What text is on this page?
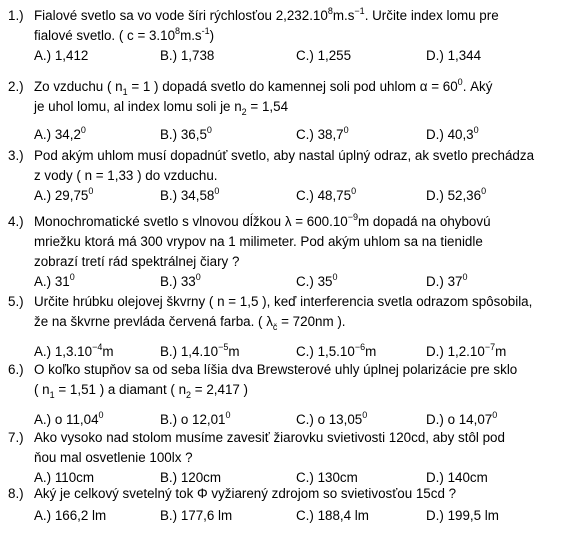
1.) Fialové svetlo sa vo vode šíri rýchlosťou $2,232.10^8m.s^{-1}$. Určite index lomu pre
fialové svetlo. ( $c = 3.10^8m.s^{-1}$)
A.) 1,412	B.) 1,738	C.) 1,255	D.) 1,344
2.) Zo vzduchu ( $n_1 = 1$ ) dopadá svetlo do kamennej soli pod uhlom $\alpha = 60^0$. Aký
je uhol lomu, al index lomu soli je $n_2 = 1,54$
A.) 34,2$^0$	B.) 36,5$^0$	C.) 38,7$^0$	D.) 40,3$^0$
3.) Pod akým uhlom musí dopadnúť svetlo, aby nastal úplný odraz, ak svetlo prechádza
z vody ( n = 1,33 ) do vzduchu.
A.) 29,75$^0$	B.) 34,58$^0$	C.) 48,75$^0$	D.) 52,36$^0$
4.) Monochromatické svetlo s vlnovou dĺžkou $\lambda = 600.10^{-9}m$ dopadá na ohybovú
mriežku ktorá má 300 vrypov na 1 milimeter. Pod akým uhlom sa na tienidle
zobrazí tretí rád spektrálnej čiary ?
A.) $31^0$	B.) $33^0$	C.) $35^0$	D.) $37^0$
5.) Určite hrúbku olejovej škvrny ( n = 1,5 ), keď interferencia svetla odrazom spôsobila,
že na škvrne prevláda červená farba. ( $\lambda_č = 720nm$ ).
A.) $1,3.10^{-4}m$	B.) $1,4.10^{-5}m$	C.) $1,5.10^{-6}m$	D.) $1,2.10^{-7}m$
6.) O koľko stupňov sa od seba líšia dva Brewsterové uhly úplnej polarizácie pre sklo
( $n_1 = 1,51$ ) a diamant ( $n_2 = 2,417$ )
A.) o 11,04$^0$	B.) o 12,01$^0$	C.) o 13,05$^0$	D.) o 14,07$^0$
7.) Ako vysoko nad stolom musíme zavesiť žiarovku svietivosti 120cd, aby stôl pod
ňou mal osvetlenie 100lx ?
A.) 110cm	B.) 120cm	C.) 130cm	D.) 140cm
8.) Aký je celkový svetelný tok Φ vyžiarený zdrojom so svietivosťou 15cd ?
A.) 166,2 lm	B.) 177,6 lm	C.) 188,4 lm	D.) 199,5 lm
